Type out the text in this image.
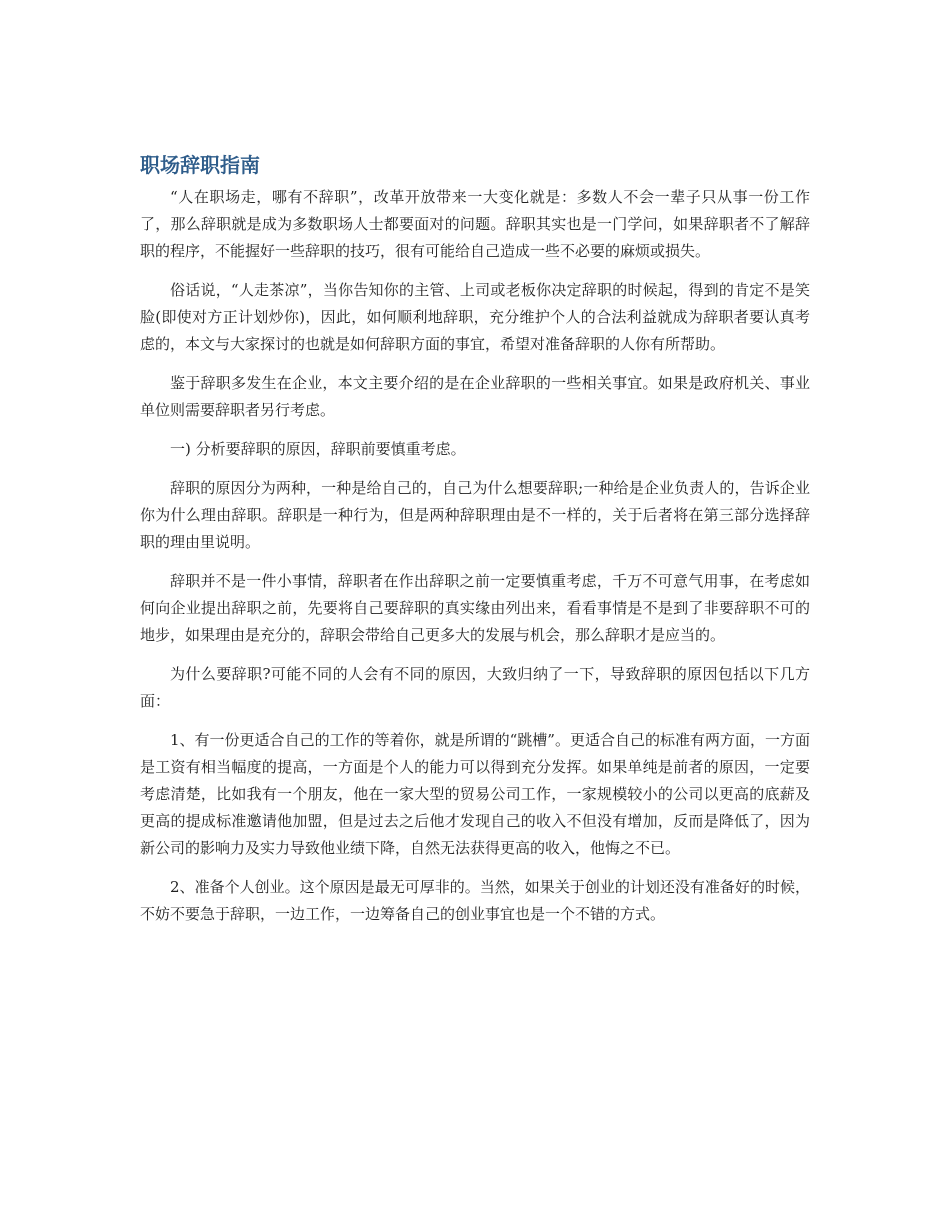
职场辞职指南

“人在职场走，哪有不辞职”，改革开放带来一大变化就是：多数人不会一辈子只从事一份工作了，那么辞职就是成为多数职场人士都要面对的问题。辞职其实也是一门学问，如果辞职者不了解辞职的程序，不能握好一些辞职的技巧，很有可能给自己造成一些不必要的麻烦或损失。

俗话说，“人走茶凉”，当你告知你的主管、上司或老板你决定辞职的时候起，得到的肯定不是笑脸(即使对方正计划炒你)，因此，如何顺利地辞职，充分维护个人的合法利益就成为辞职者要认真考虑的，本文与大家探讨的也就是如何辞职方面的事宜，希望对准备辞职的人你有所帮助。

鉴于辞职多发生在企业，本文主要介绍的是在企业辞职的一些相关事宜。如果是政府机关、事业单位则需要辞职者另行考虑。

一) 分析要辞职的原因，辞职前要慎重考虑。

辞职的原因分为两种，一种是给自己的，自己为什么想要辞职;一种给是企业负责人的，告诉企业你为什么理由辞职。辞职是一种行为，但是两种辞职理由是不一样的，关于后者将在第三部分选择辞职的理由里说明。

辞职并不是一件小事情，辞职者在作出辞职之前一定要慎重考虑，千万不可意气用事，在考虑如何向企业提出辞职之前，先要将自己要辞职的真实缘由列出来，看看事情是不是到了非要辞职不可的地步，如果理由是充分的，辞职会带给自己更多大的发展与机会，那么辞职才是应当的。

为什么要辞职?可能不同的人会有不同的原因，大致归纳了一下，导致辞职的原因包括以下几方面：

1、有一份更适合自己的工作的等着你，就是所谓的“跳槽”。更适合自己的标准有两方面，一方面是工资有相当幅度的提高，一方面是个人的能力可以得到充分发挥。如果单纯是前者的原因，一定要考虑清楚，比如我有一个朋友，他在一家大型的贸易公司工作，一家规模较小的公司以更高的底薪及更高的提成标准邀请他加盟，但是过去之后他才发现自己的收入不但没有增加，反而是降低了，因为新公司的影响力及实力导致他业绩下降，自然无法获得更高的收入，他悔之不已。

2、准备个人创业。这个原因是最无可厚非的。当然，如果关于创业的计划还没有准备好的时候，不妨不要急于辞职，一边工作，一边筹备自己的创业事宜也是一个不错的方式。
